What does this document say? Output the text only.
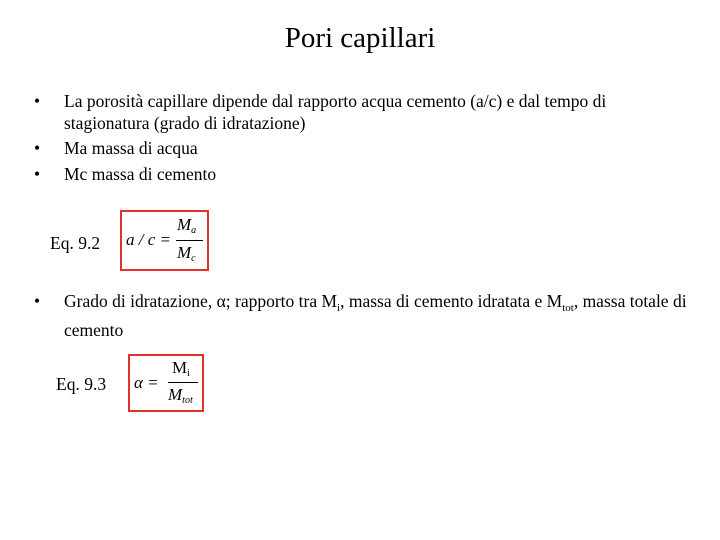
Pori capillari
• La porosità capillare dipende dal rapporto acqua cemento (a/c) e dal tempo di stagionatura (grado di idratazione)
• Ma massa di acqua
• Mc massa di cemento
Eq. 9.2 a / c =
$M_a$
$M_c$
• Grado di idratazione, α; rapporto tra $M_i$, massa di cemento idratata e $M_{tot}$, massa totale di cemento
Eq. 9.3 α =
$M_i$
$M_{tot}$
